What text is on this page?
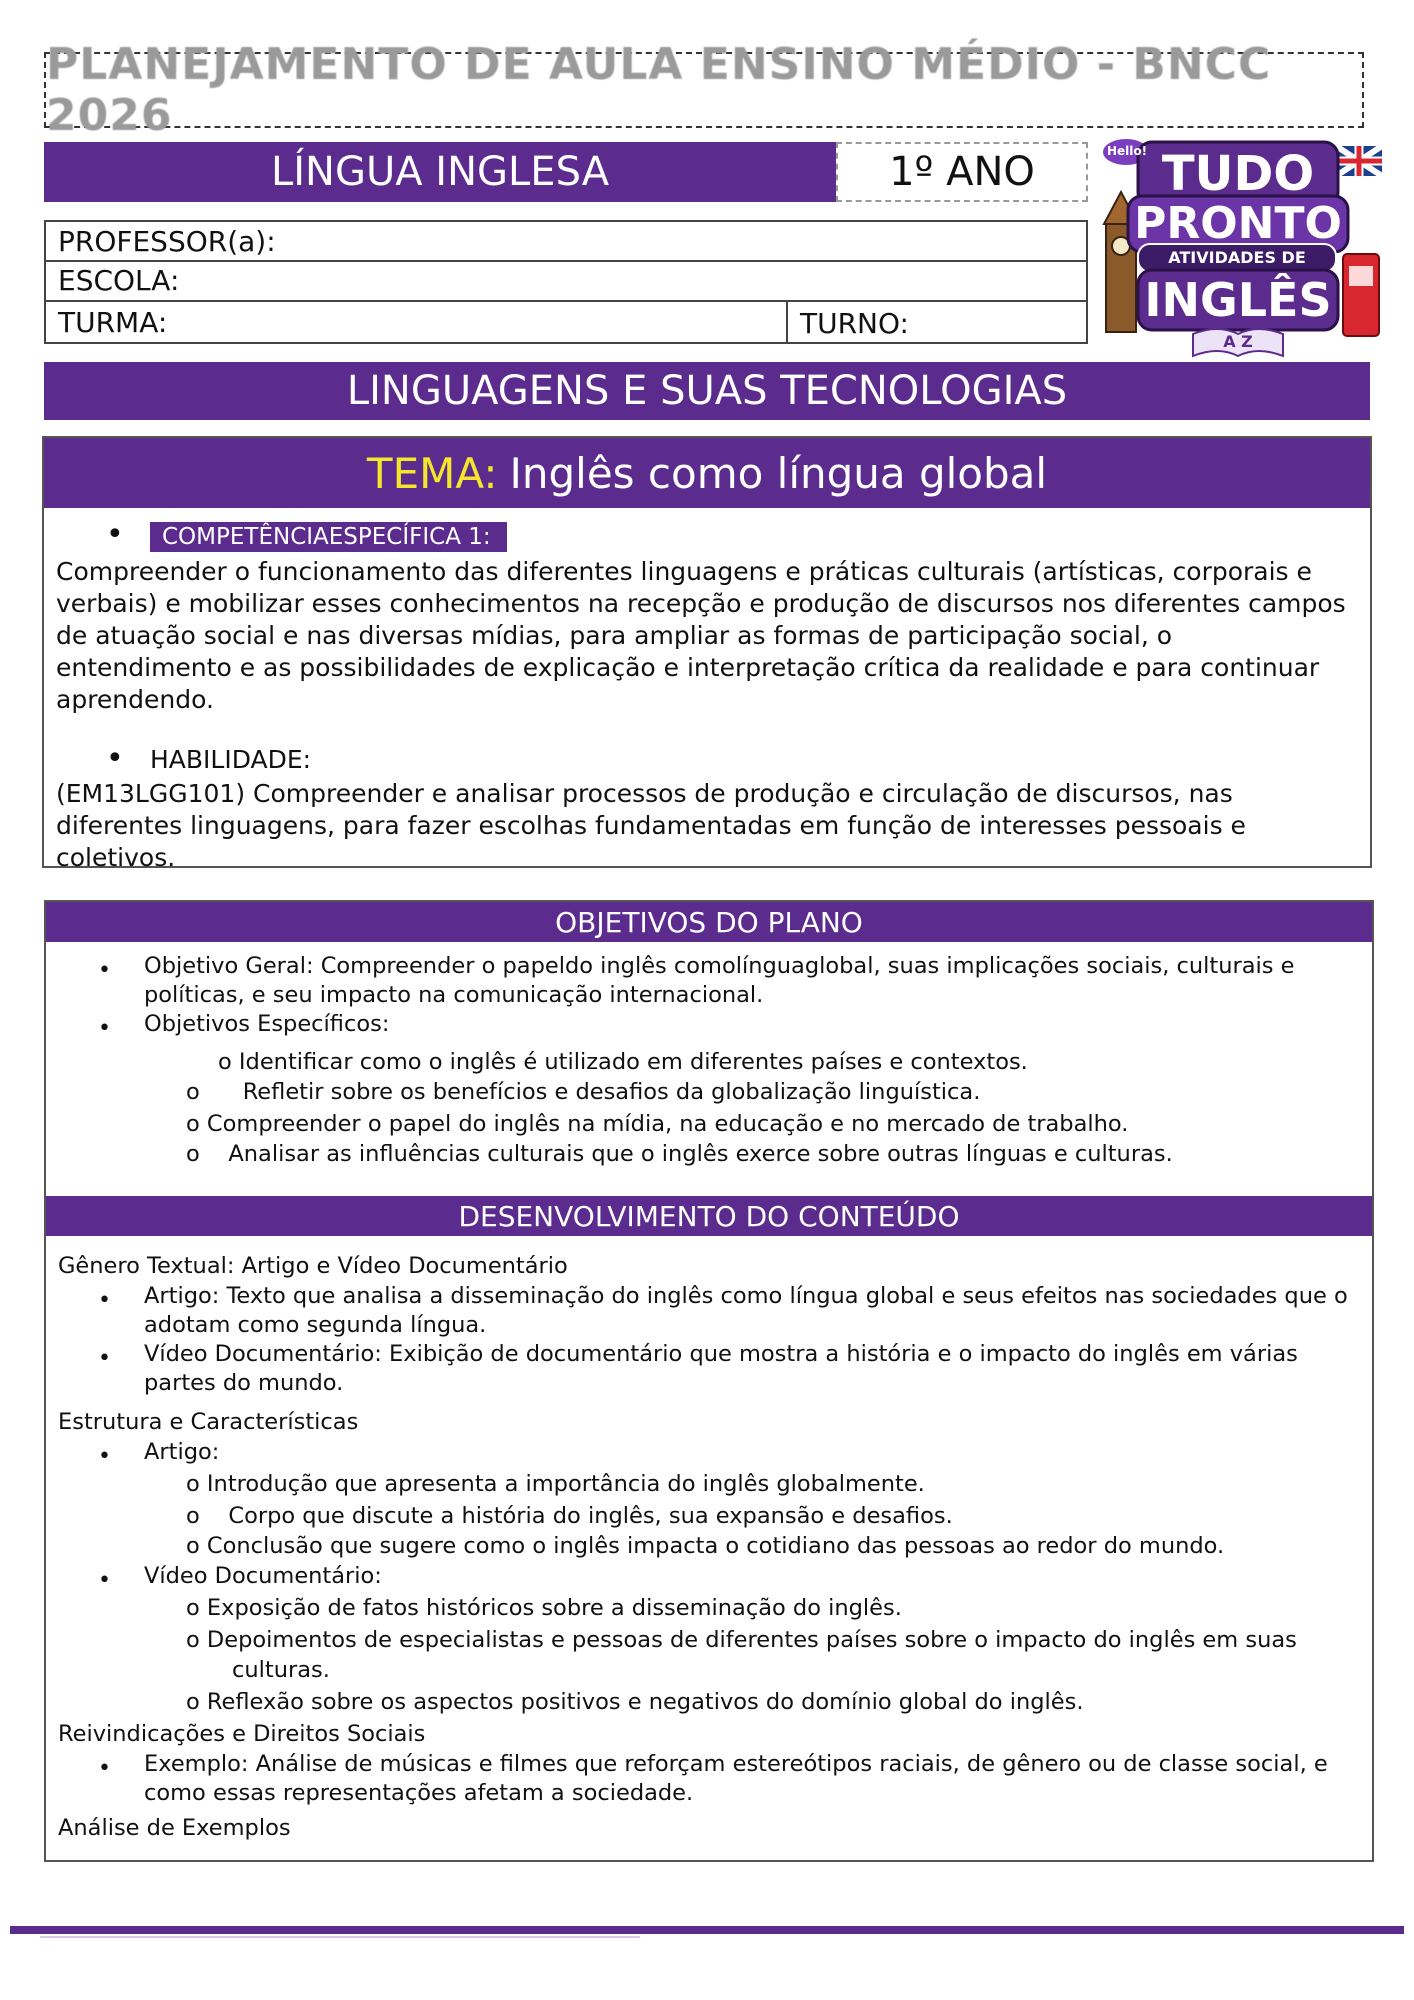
PLANEJAMENTO DE AULA ENSINO MÉDIO - BNCC 2026
LÍNGUA INGLESA	1º ANO
PROFESSOR(a):
ESCOLA:
TURMA:	TURNO:
Hello! TUDO
PRONTO
ATIVIDADES DE
INGLÊS
A Z
LINGUAGENS E SUAS TECNOLOGIAS
TEMA: Inglês como língua global
•	COMPETÊNCIAESPECÍFICA 1:
Compreender o funcionamento das diferentes linguagens e práticas culturais (artísticas, corporais e verbais) e mobilizar esses conhecimentos na recepção e produção de discursos nos diferentes campos de atuação social e nas diversas mídias, para ampliar as formas de participação social, o entendimento e as possibilidades de explicação e interpretação crítica da realidade e para continuar aprendendo.
• HABILIDADE:
(EM13LGG101) Compreender e analisar processos de produção e circulação de discursos, nas diferentes linguagens, para fazer escolhas fundamentadas em função de interesses pessoais e coletivos.
OBJETIVOS DO PLANO
• Objetivo Geral: Compreender o papeldo inglês comolínguaglobal, suas implicações sociais, culturais e
políticas, e seu impacto na comunicação internacional.
• Objetivos Específicos:
o Identificar como o inglês é utilizado em diferentes países e contextos.
o      Refletir sobre os benefícios e desafios da globalização linguística.
o Compreender o papel do inglês na mídia, na educação e no mercado de trabalho.
o    Analisar as influências culturais que o inglês exerce sobre outras línguas e culturas.
DESENVOLVIMENTO DO CONTEÚDO
Gênero Textual: Artigo e Vídeo Documentário
• Artigo: Texto que analisa a disseminação do inglês como língua global e seus efeitos nas sociedades que o
adotam como segunda língua.
• Vídeo Documentário: Exibição de documentário que mostra a história e o impacto do inglês em várias
partes do mundo.
Estrutura e Características
• Artigo:
o Introdução que apresenta a importância do inglês globalmente.
o    Corpo que discute a história do inglês, sua expansão e desafios.
o Conclusão que sugere como o inglês impacta o cotidiano das pessoas ao redor do mundo.
• Vídeo Documentário:
o Exposição de fatos históricos sobre a disseminação do inglês.
o Depoimentos de especialistas e pessoas de diferentes países sobre o impacto do inglês em suas
culturas.
o Reflexão sobre os aspectos positivos e negativos do domínio global do inglês.
Reivindicações e Direitos Sociais
• Exemplo: Análise de músicas e filmes que reforçam estereótipos raciais, de gênero ou de classe social, e
como essas representações afetam a sociedade.
Análise de Exemplos
